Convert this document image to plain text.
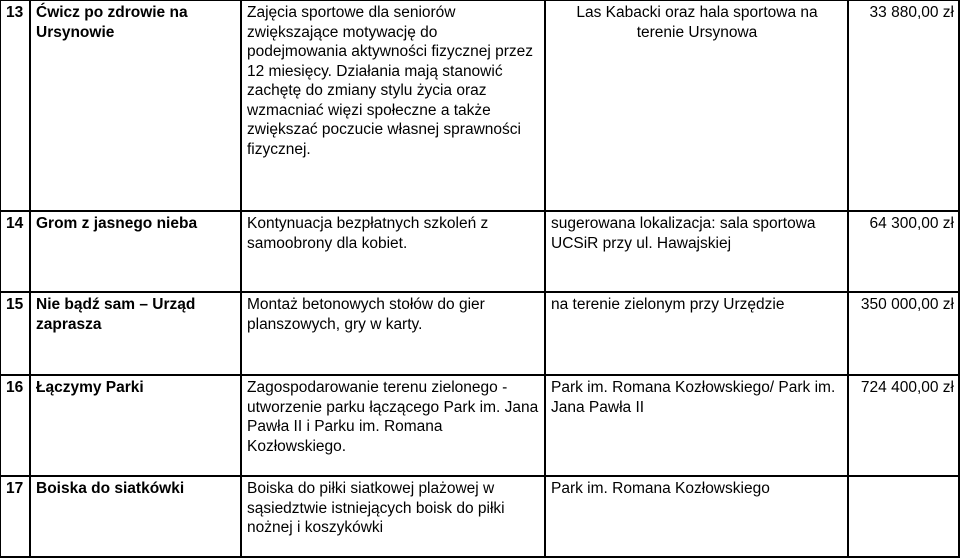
13	Ćwicz po zdrowie na Ursynowie	Zajęcia sportowe dla seniorów zwiększające motywację do podejmowania aktywności fizycznej przez 12 miesięcy. Działania mają stanowić zachętę do zmiany stylu życia oraz wzmacniać więzi społeczne a także zwiększać poczucie własnej sprawności fizycznej.	Las Kabacki oraz hala sportowa na terenie Ursynowa	33 880,00 zł
14	Grom z jasnego nieba	Kontynuacja bezpłatnych szkoleń z samoobrony dla kobiet.	sugerowana lokalizacja: sala sportowa UCSiR przy ul. Hawajskiej	64 300,00 zł
15	Nie bądź sam – Urząd zaprasza	Montaż betonowych stołów do gier planszowych, gry w karty.	na terenie zielonym przy Urzędzie	350 000,00 zł
16	Łączymy Parki	Zagospodarowanie terenu zielonego - utworzenie parku łączącego Park im. Jana Pawła II i Parku im. Romana Kozłowskiego.	Park im. Romana Kozłowskiego/ Park im. Jana Pawła II	724 400,00 zł
17	Boiska do siatkówki	Boiska do piłki siatkowej plażowej w sąsiedztwie istniejących boisk do piłki nożnej i koszykówki	Park im. Romana Kozłowskiego	
